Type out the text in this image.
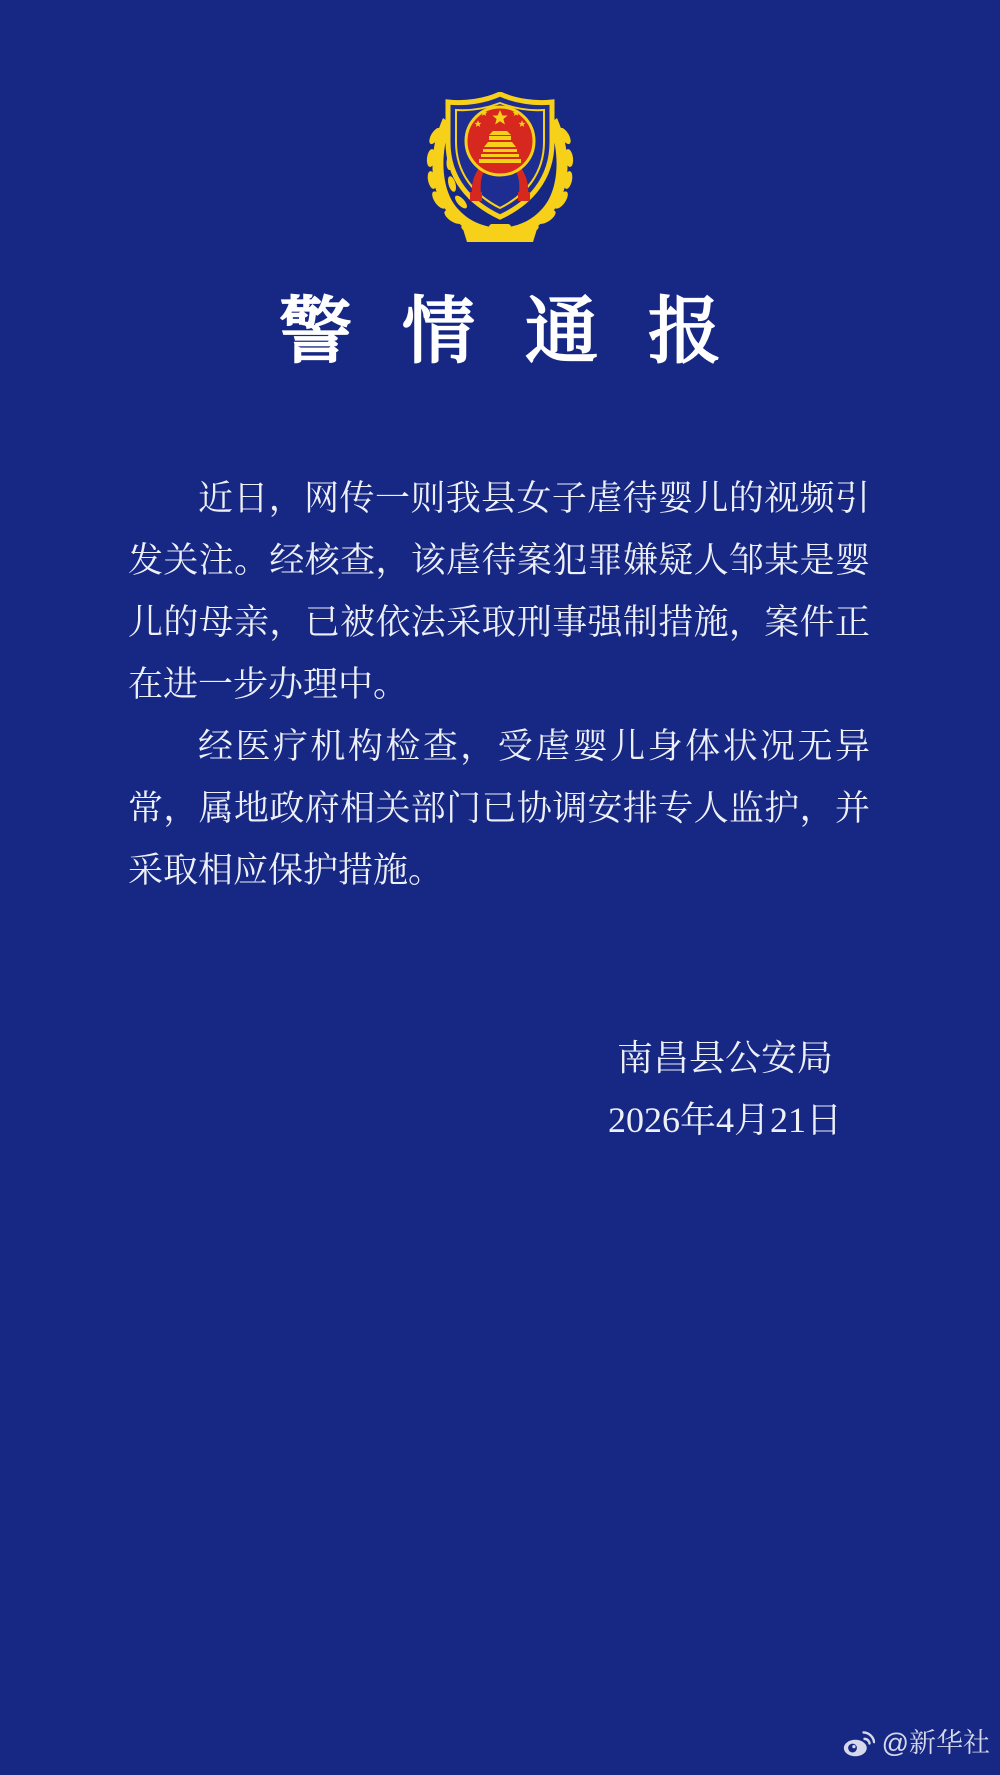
警情通报
近日，网传一则我县女子虐待婴儿的视频引
发关注。经核查，该虐待案犯罪嫌疑人邹某是婴
儿的母亲，已被依法采取刑事强制措施，案件正
在进一步办理中。
经医疗机构检查，受虐婴儿身体状况无异
常，属地政府相关部门已协调安排专人监护，并
采取相应保护措施。
南昌县公安局
2026年4月21日
@新华社
